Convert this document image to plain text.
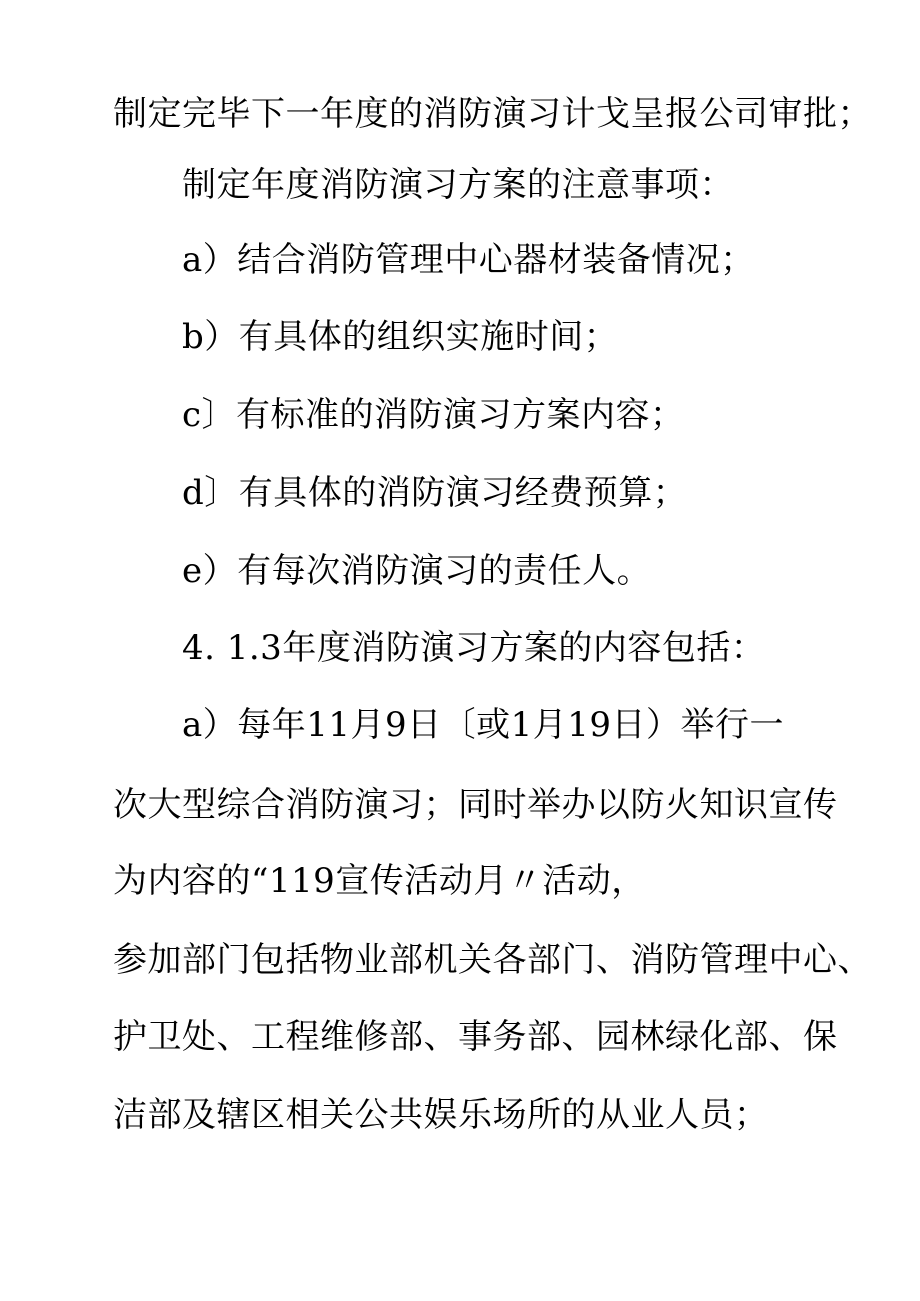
制定完毕下一年度的消防演习计戈呈报公司审批；
制定年度消防演习方案的注意事项：
a）结合消防管理中心器材装备情况；
b）有具体的组织实施时间；
c〕有标准的消防演习方案内容；
d〕有具体的消防演习经费预算；
e）有每次消防演习的责任人。
4. 1.3年度消防演习方案的内容包括：
a）每年11月9日〔或1月19日）举行一
次大型综合消防演习；同时举办以防火知识宣传
为内容的“119宣传活动月〃活动，
参加部门包括物业部机关各部门、消防管理中心、
护卫处、工程维修部、事务部、园林绿化部、保
洁部及辖区相关公共娱乐场所的从业人员；
